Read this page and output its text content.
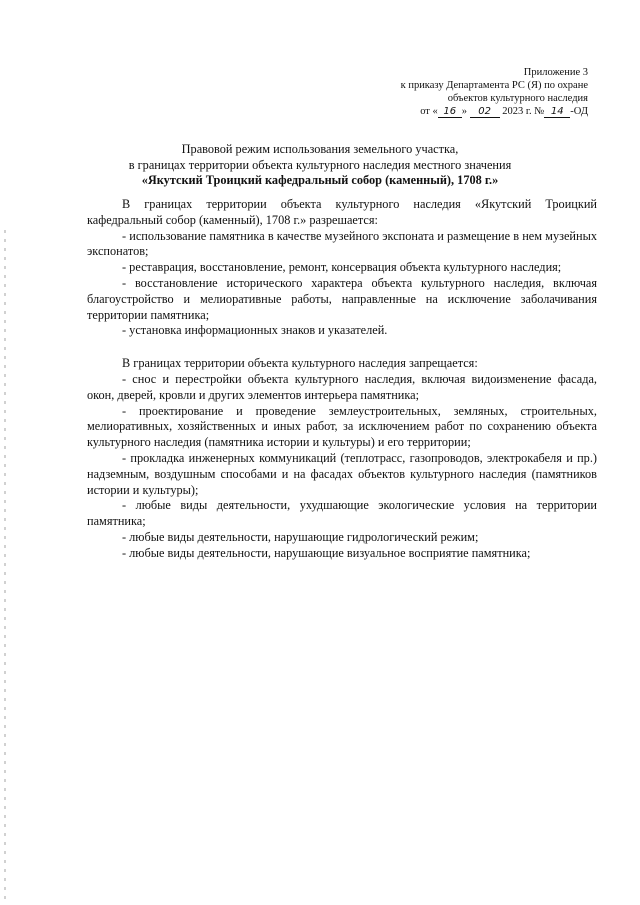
Приложение 3
к приказу Департамента РС (Я) по охране
объектов культурного наследия
от « 16 » 02 2023 г. № 14 -ОД
Правовой режим использования земельного участка,
в границах территории объекта культурного наследия местного значения
«Якутский Троицкий кафедральный собор (каменный), 1708 г.»

В границах территории объекта культурного наследия «Якутский Троицкий кафедральный собор (каменный), 1708 г.» разрешается:

- использование памятника в качестве музейного экспоната и размещение в нем музейных экспонатов;

- реставрация, восстановление, ремонт, консервация объекта культурного наследия;

- восстановление исторического характера объекта культурного наследия, включая благоустройство и мелиоративные работы, направленные на исключение заболачивания территории памятника;

- установка информационных знаков и указателей.

В границах территории объекта культурного наследия запрещается:

- снос и перестройки объекта культурного наследия, включая видоизменение фасада, окон, дверей, кровли и других элементов интерьера памятника;

- проектирование и проведение землеустроительных, земляных, строительных, мелиоративных, хозяйственных и иных работ, за исключением работ по сохранению объекта культурного наследия (памятника истории и культуры) и его территории;

- прокладка инженерных коммуникаций (теплотрасс, газопроводов, электрокабеля и пр.) надземным, воздушным способами и на фасадах объектов культурного наследия (памятников истории и культуры);

- любые виды деятельности, ухудшающие экологические условия на территории памятника;

- любые виды деятельности, нарушающие гидрологический режим;

- любые виды деятельности, нарушающие визуальное восприятие памятника;
